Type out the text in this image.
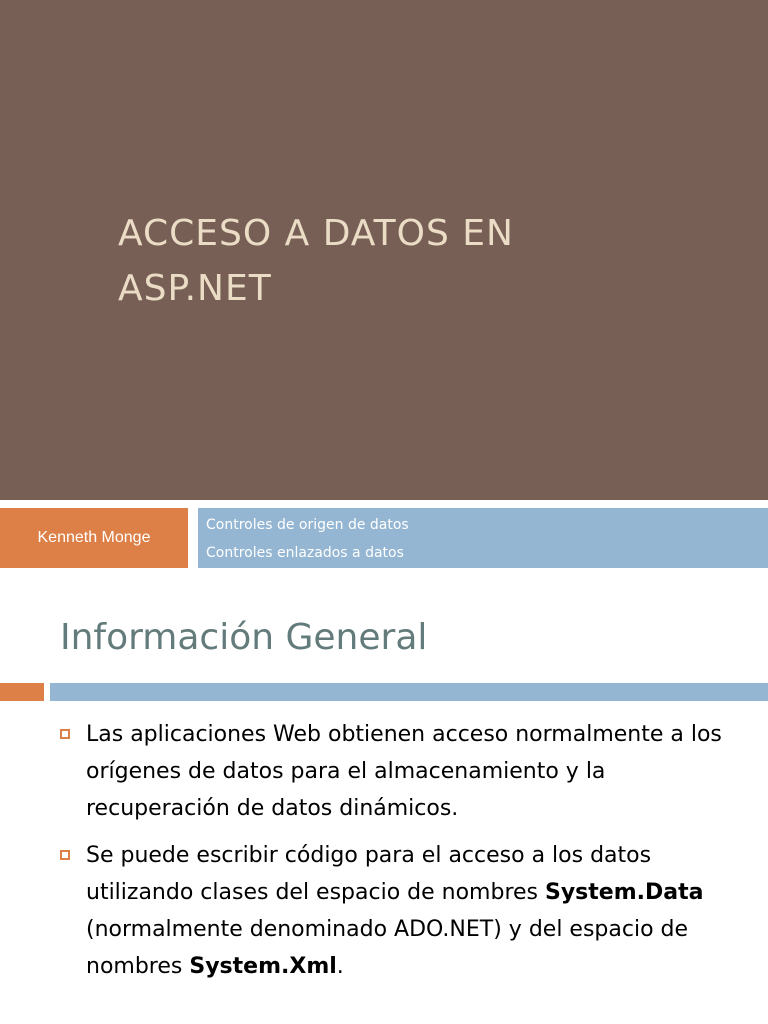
ACCESO A DATOS EN
ASP.NET
Kenneth Monge
Controles de origen de datos
Controles enlazados a datos
Información General
Las aplicaciones Web obtienen acceso normalmente a los orígenes de datos para el almacenamiento y la recuperación de datos dinámicos.
Se puede escribir código para el acceso a los datos utilizando clases del espacio de nombres System.Data (normalmente denominado ADO.NET) y del espacio de nombres System.Xml.
